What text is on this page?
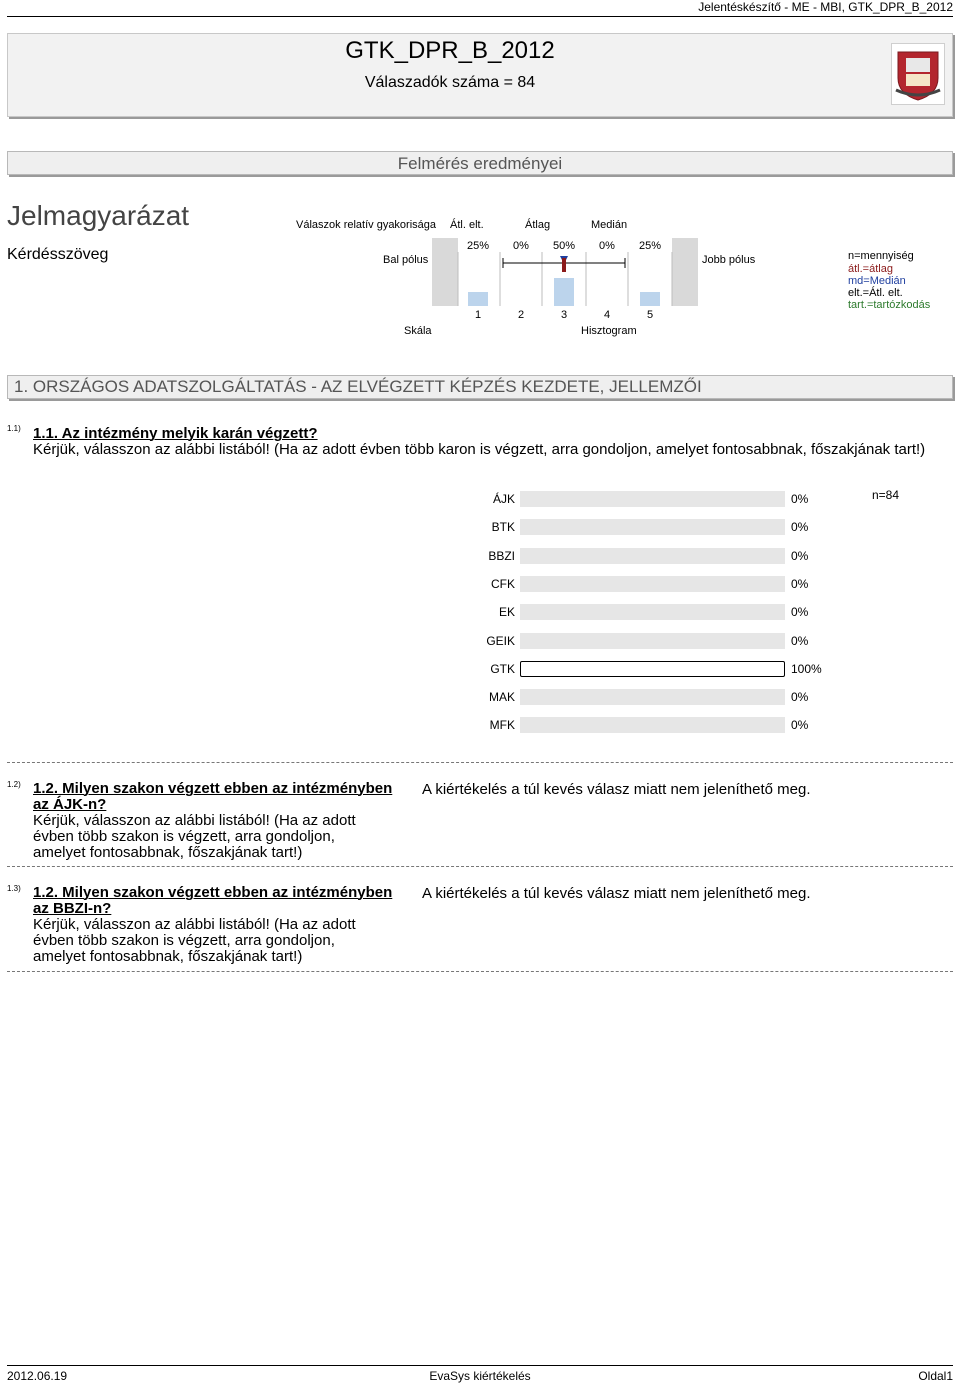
Jelentéskészítő - ME - MBI, GTK_DPR_B_2012
GTK_DPR_B_2012
Válaszadók száma = 84
Felmérés eredményei
Jelmagyarázat
Kérdésszöveg
Válaszok relatív gyakorisága Átl. elt.	Átlag	Medián
Bal pólus	Jobb pólus
Skála	Hisztogram
25% 0% 50% 0% 25%
1	2	3	4	5
n=mennyiség
átl.=átlag
md=Medián
elt.=Átl. elt.
tart.=tartózkodás
1. ORSZÁGOS ADATSZOLGÁLTATÁS - AZ ELVÉGZETT KÉPZÉS KEZDETE, JELLEMZŐI
1.1) 1.1. Az intézmény melyik karán végzett?
Kérjük, válasszon az alábbi listából! (Ha az adott évben több karon is végzett, arra gondoljon, amelyet fontosabbnak, főszakjának tart!)
n=84
ÁJK	0%
BTK	0%
BBZI	0%
CFK	0%
EK	0%
GEIK	0%
GTK	100%
MAK	0%
MFK	0%
1.2) 1.2. Milyen szakon végzett ebben az intézményben
az ÁJK-n?
Kérjük, válasszon az alábbi listából! (Ha az adott
évben több szakon is végzett, arra gondoljon,
amelyet fontosabbnak, főszakjának tart!)
A kiértékelés a túl kevés válasz miatt nem jeleníthető meg.
1.3) 1.2. Milyen szakon végzett ebben az intézményben
az BBZI-n?
Kérjük, válasszon az alábbi listából! (Ha az adott
évben több szakon is végzett, arra gondoljon,
amelyet fontosabbnak, főszakjának tart!)
A kiértékelés a túl kevés válasz miatt nem jeleníthető meg.
2012.06.19	EvaSys kiértékelés	Oldal1
